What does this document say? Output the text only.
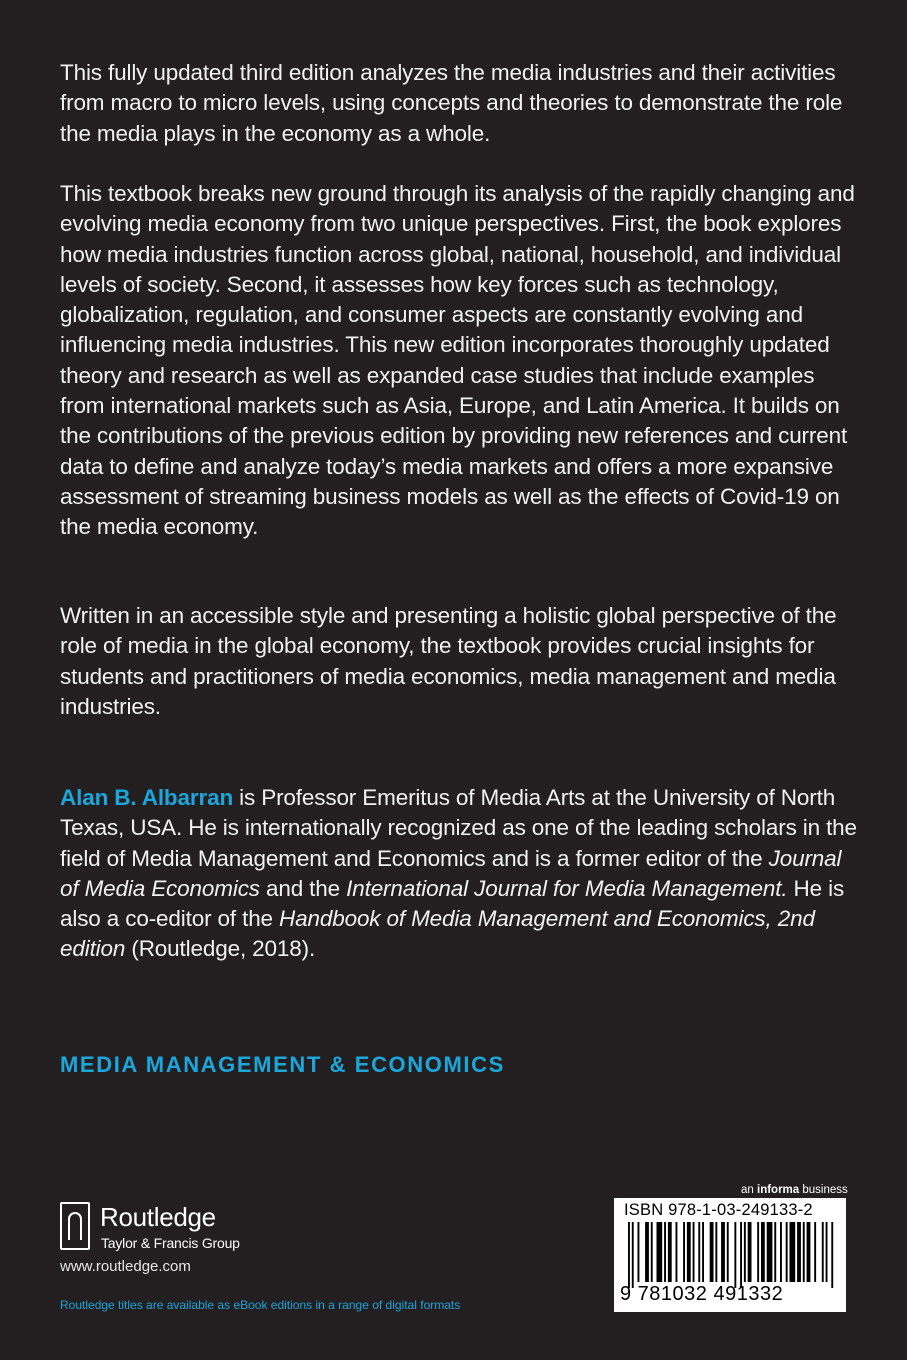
This fully updated third edition analyzes the media industries and their activities from macro to micro levels, using concepts and theories to demonstrate the role the media plays in the economy as a whole.
This textbook breaks new ground through its analysis of the rapidly changing and evolving media economy from two unique perspectives. First, the book explores how media industries function across global, national, household, and individual levels of society. Second, it assesses how key forces such as technology, globalization, regulation, and consumer aspects are constantly evolving and influencing media industries. This new edition incorporates thoroughly updated theory and research as well as expanded case studies that include examples from international markets such as Asia, Europe, and Latin America. It builds on the contributions of the previous edition by providing new references and current data to define and analyze today’s media markets and offers a more expansive assessment of streaming business models as well as the effects of Covid-19 on the media economy.
Written in an accessible style and presenting a holistic global perspective of the role of media in the global economy, the textbook provides crucial insights for students and practitioners of media economics, media management and media industries.
Alan B. Albarran is Professor Emeritus of Media Arts at the University of North Texas, USA. He is internationally recognized as one of the leading scholars in the field of Media Management and Economics and is a former editor of the Journal of Media Economics and the International Journal for Media Management. He is also a co-editor of the Handbook of Media Management and Economics, 2nd edition (Routledge, 2018).
MEDIA MANAGEMENT & ECONOMICS
Routledge
Taylor & Francis Group
www.routledge.com
Routledge titles are available as eBook editions in a range of digital formats
an informa business
ISBN 978-1-03-249133-2
9 781032 491332
